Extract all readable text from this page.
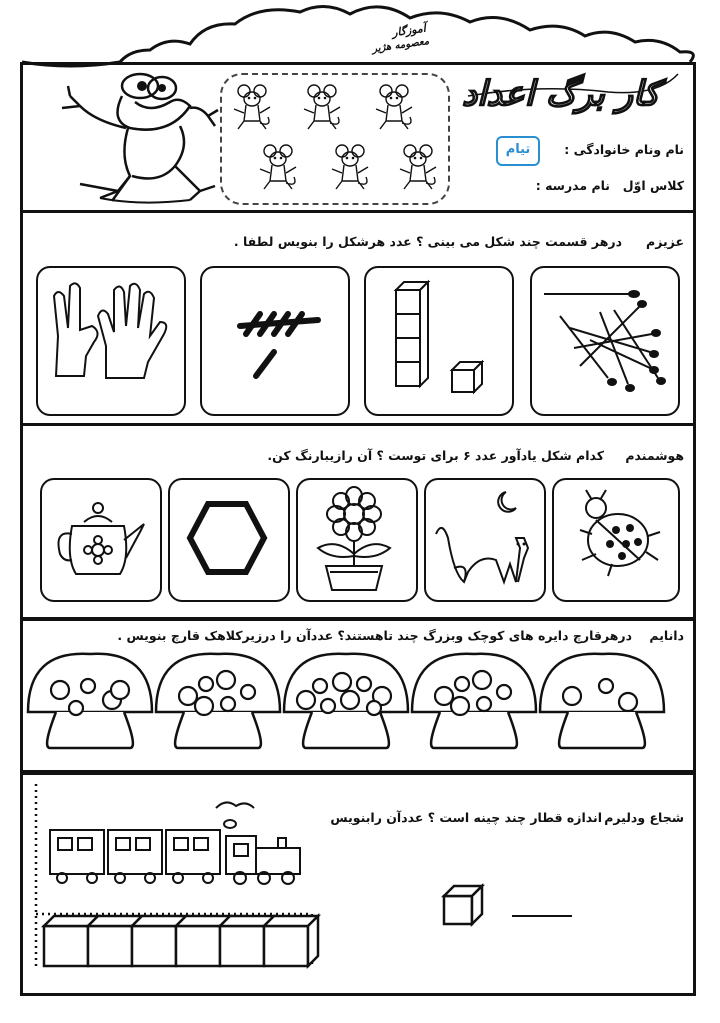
آموزگار
معصومه هژیر
کار برگ اعداد
تیام	نام ونام خانوادگی :
کلاس اوّل
نام مدرسه :
عزیزم
درهر قسمت چند شکل می بینی ؟ عدد هرشکل را بنویس لطفا .
هوشمندم
کدام شکل یادآور عدد ۶ برای توست ؟ آن رازیبارنگ کن.
دانایم
درهرقارچ دایره های کوچک وبزرگ چند تاهستند؟ عددآن را درزیرکلاهک قارچ بنویس .
شجاع ودلیرم
اندازه قطار چند چینه است ؟ عددآن رابنویس
